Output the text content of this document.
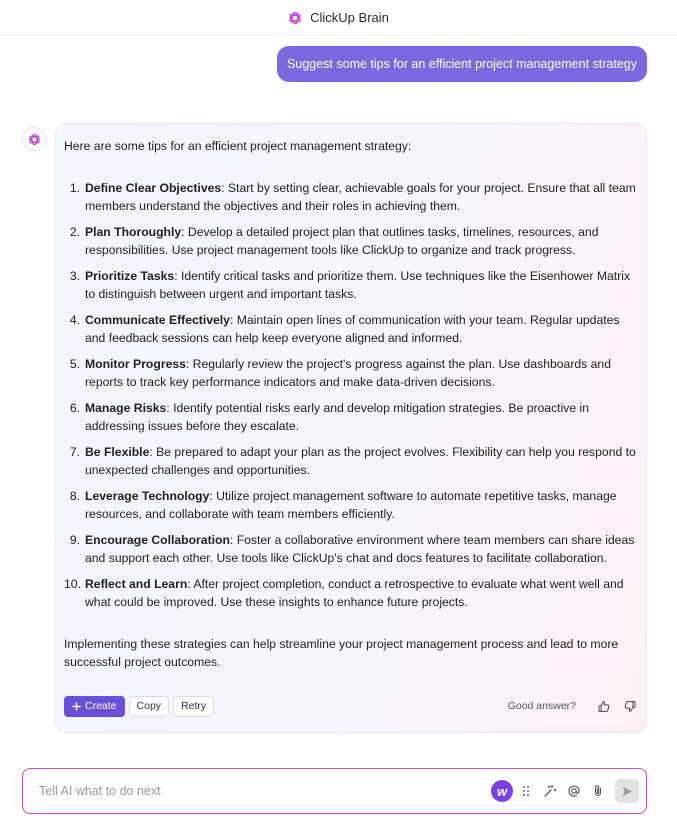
ClickUp Brain
Suggest some tips for an efficient project management strategy

Here are some tips for an efficient project management strategy:

1 . Define Clear Objectives: Start by setting clear, achievable goals for your project. Ensure that all team members understand the objectives and their roles in achieving them.
2 . Plan Thoroughly: Develop a detailed project plan that outlines tasks, timelines, resources, and responsibilities. Use project management tools like ClickUp to organize and track progress.
3 . Prioritize Tasks: Identify critical tasks and prioritize them. Use techniques like the Eisenhower Matrix to distinguish between urgent and important tasks.
4 . Communicate Effectively: Maintain open lines of communication with your team. Regular updates and feedback sessions can help keep everyone aligned and informed.
5 . Monitor Progress: Regularly review the project's progress against the plan. Use dashboards and reports to track key performance indicators and make data-driven decisions.
6 . Manage Risks: Identify potential risks early and develop mitigation strategies. Be proactive in addressing issues before they escalate.
7 . Be Flexible: Be prepared to adapt your plan as the project evolves. Flexibility can help you respond to unexpected challenges and opportunities.
8 . Leverage Technology: Utilize project management software to automate repetitive tasks, manage resources, and collaborate with team members efficiently.
9 . Encourage Collaboration: Foster a collaborative environment where team members can share ideas and support each other. Use tools like ClickUp's chat and docs features to facilitate collaboration.
10 . Reflect and Learn: After project completion, conduct a retrospective to evaluate what went well and what could be improved. Use these insights to enhance future projects.

Implementing these strategies can help streamline your project management process and lead to more successful project outcomes.

Create	Copy	Retry	Good answer?
Tell AI what to do next
w
